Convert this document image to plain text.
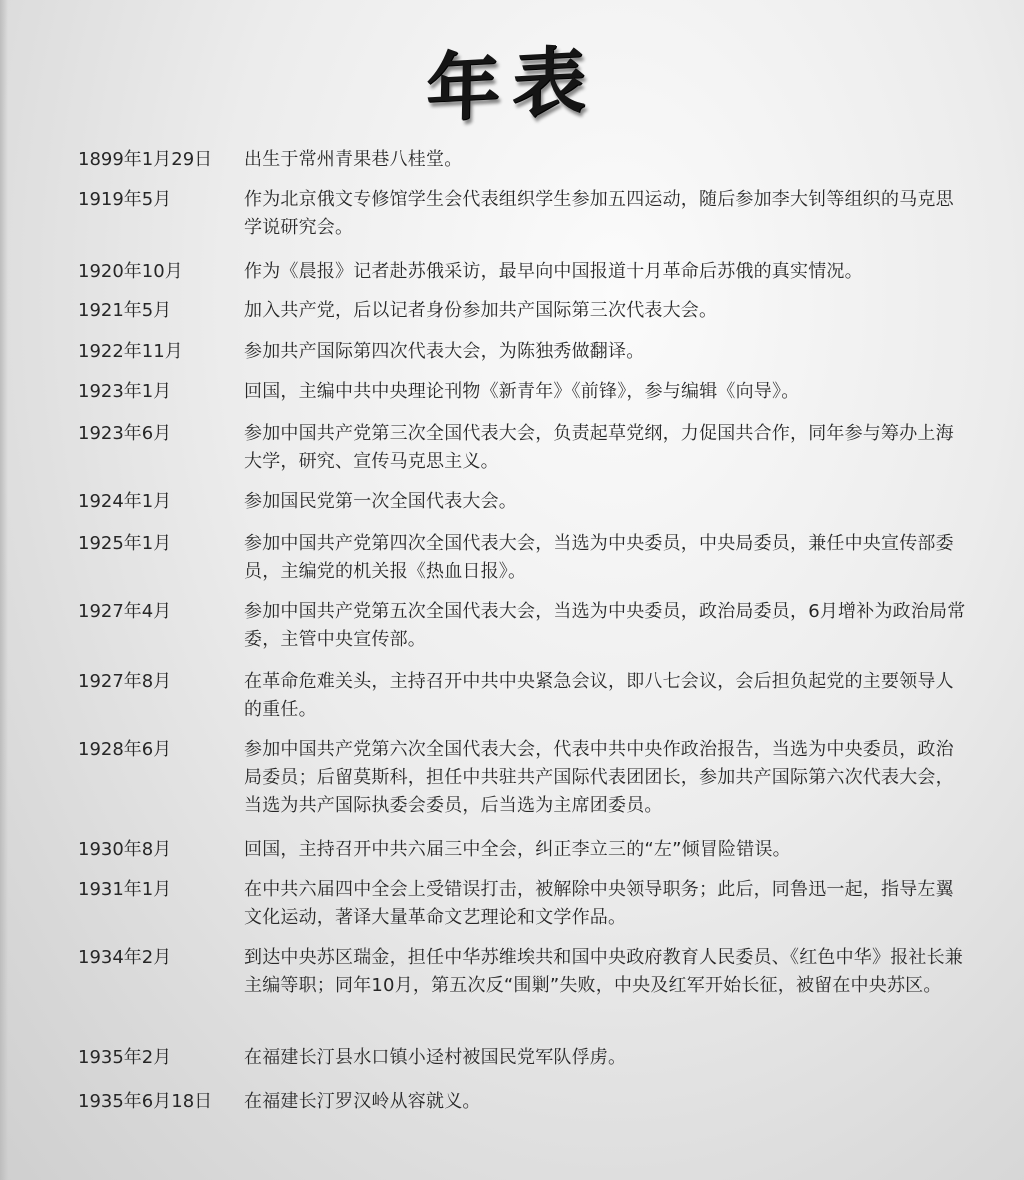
年表
1899年1月29日 出生于常州青果巷八桂堂。
1919年5月	作为北京俄文专修馆学生会代表组织学生参加五四运动，随后参加李大钊等组织的马克思学说研究会。
1920年10月	作为《晨报》记者赴苏俄采访，最早向中国报道十月革命后苏俄的真实情况。
1921年5月	加入共产党，后以记者身份参加共产国际第三次代表大会。
1922年11月	参加共产国际第四次代表大会，为陈独秀做翻译。
1923年1月	回国，主编中共中央理论刊物《新青年》《前锋》，参与编辑《向导》。
1923年6月	参加中国共产党第三次全国代表大会，负责起草党纲，力促国共合作，同年参与筹办上海大学，研究、宣传马克思主义。
1924年1月	参加国民党第一次全国代表大会。
1925年1月	参加中国共产党第四次全国代表大会，当选为中央委员，中央局委员，兼任中央宣传部委员，主编党的机关报《热血日报》。
1927年4月	参加中国共产党第五次全国代表大会，当选为中央委员，政治局委员，6月增补为政治局常委，主管中央宣传部。
1927年8月	在革命危难关头，主持召开中共中央紧急会议，即八七会议，会后担负起党的主要领导人的重任。
1928年6月	参加中国共产党第六次全国代表大会，代表中共中央作政治报告，当选为中央委员，政治局委员；后留莫斯科，担任中共驻共产国际代表团团长，参加共产国际第六次代表大会，当选为共产国际执委会委员，后当选为主席团委员。
1930年8月	回国，主持召开中共六届三中全会，纠正李立三的“左”倾冒险错误。
1931年1月	在中共六届四中全会上受错误打击，被解除中央领导职务；此后，同鲁迅一起，指导左翼文化运动，著译大量革命文艺理论和文学作品。
1934年2月	到达中央苏区瑞金，担任中华苏维埃共和国中央政府教育人民委员、《红色中华》报社长兼主编等职；同年10月，第五次反“围剿”失败，中央及红军开始长征，被留在中央苏区。
1935年2月	在福建长汀县水口镇小迳村被国民党军队俘虏。
1935年6月18日 在福建长汀罗汉岭从容就义。
